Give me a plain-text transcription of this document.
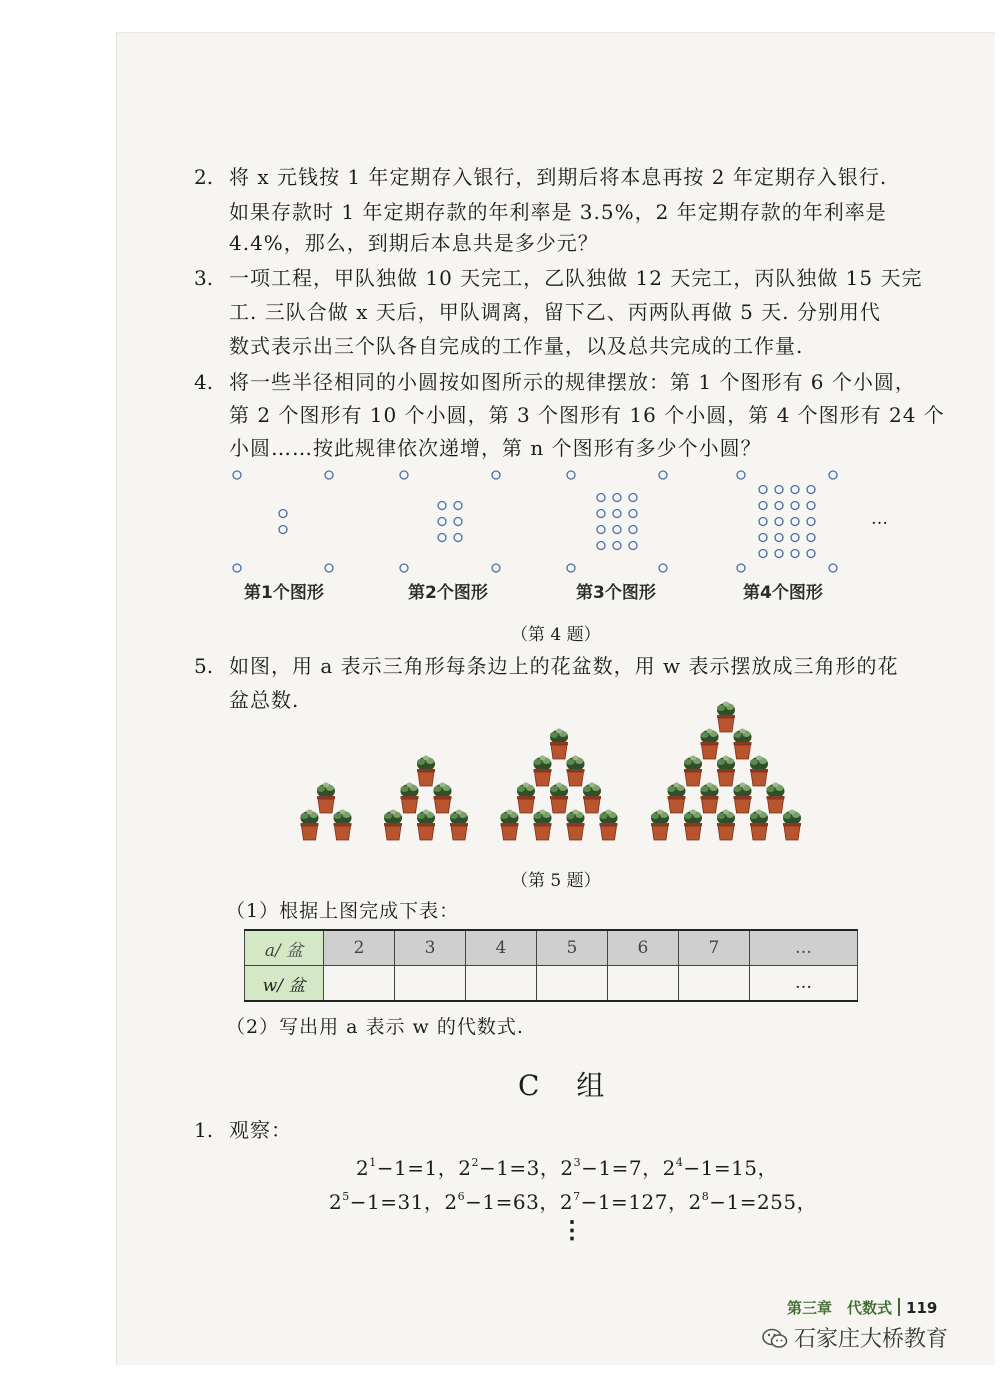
2. 将 x 元钱按 1 年定期存入银行，到期后将本息再按 2 年定期存入银行.
如果存款时 1 年定期存款的年利率是 3.5%，2 年定期存款的年利率是
4.4%，那么，到期后本息共是多少元？
3. 一项工程，甲队独做 10 天完工，乙队独做 12 天完工，丙队独做 15 天完
工. 三队合做 x 天后，甲队调离，留下乙、丙两队再做 5 天. 分别用代
数式表示出三个队各自完成的工作量，以及总共完成的工作量.
4. 将一些半径相同的小圆按如图所示的规律摆放：第 1 个图形有 6 个小圆，
第 2 个图形有 10 个小圆，第 3 个图形有 16 个小圆，第 4 个图形有 24 个
小圆……按此规律依次递增，第 n 个图形有多少个小圆？
…
第1个图形	第2个图形	第3个图形	第4个图形
（第 4 题）
5. 如图，用 a 表示三角形每条边上的花盆数，用 w 表示摆放成三角形的花
盆总数.
（第 5 题）
（1）根据上图完成下表：
a/ 盆	2	3	4	5	6	7	…
w/ 盆							…
（2）写出用 a 表示 w 的代数式.
C 组
1. 观察：
$2^1-1=1$，$2^2-1=3$，$2^3-1=7$，$2^4-1=15$，
$2^5-1=31$，$2^6-1=63$，$2^7-1=127$，$2^8-1=255$，
⋮
第三章　代数式 119
石家庄大桥教育
